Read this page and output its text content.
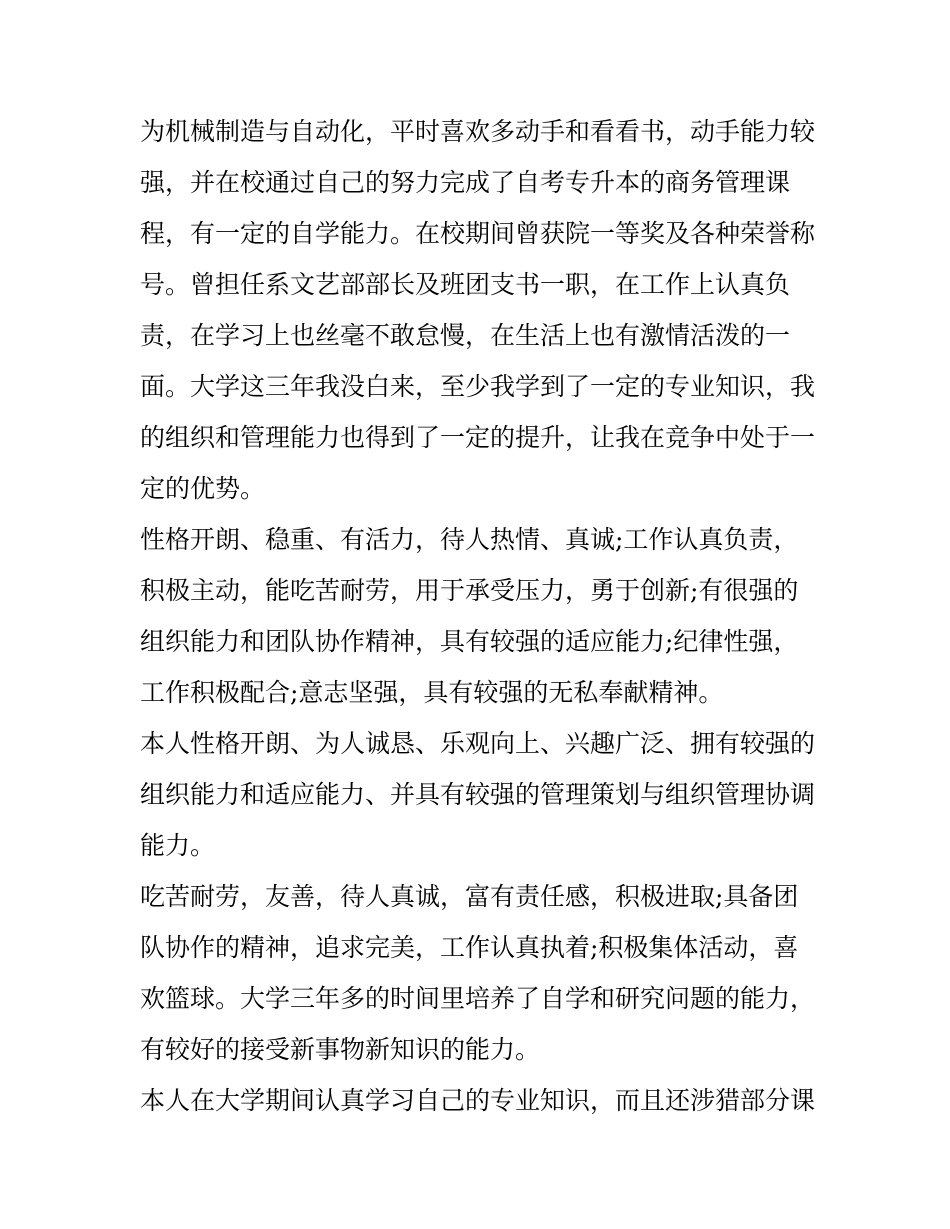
为机械制造与自动化，平时喜欢多动手和看看书，动手能力较
强，并在校通过自己的努力完成了自考专升本的商务管理课
程，有一定的自学能力。在校期间曾获院一等奖及各种荣誉称
号。曾担任系文艺部部长及班团支书一职，在工作上认真负
责，在学习上也丝毫不敢怠慢，在生活上也有激情活泼的一
面。大学这三年我没白来，至少我学到了一定的专业知识，我
的组织和管理能力也得到了一定的提升，让我在竞争中处于一
定的优势。
性格开朗、稳重、有活力，待人热情、真诚;工作认真负责，
积极主动，能吃苦耐劳，用于承受压力，勇于创新;有很强的
组织能力和团队协作精神，具有较强的适应能力;纪律性强，
工作积极配合;意志坚强，具有较强的无私奉献精神。
本人性格开朗、为人诚恳、乐观向上、兴趣广泛、拥有较强的
组织能力和适应能力、并具有较强的管理策划与组织管理协调
能力。
吃苦耐劳，友善，待人真诚，富有责任感，积极进取;具备团
队协作的精神，追求完美，工作认真执着;积极集体活动，喜
欢篮球。大学三年多的时间里培养了自学和研究问题的能力，
有较好的接受新事物新知识的能力。
本人在大学期间认真学习自己的专业知识，而且还涉猎部分课
